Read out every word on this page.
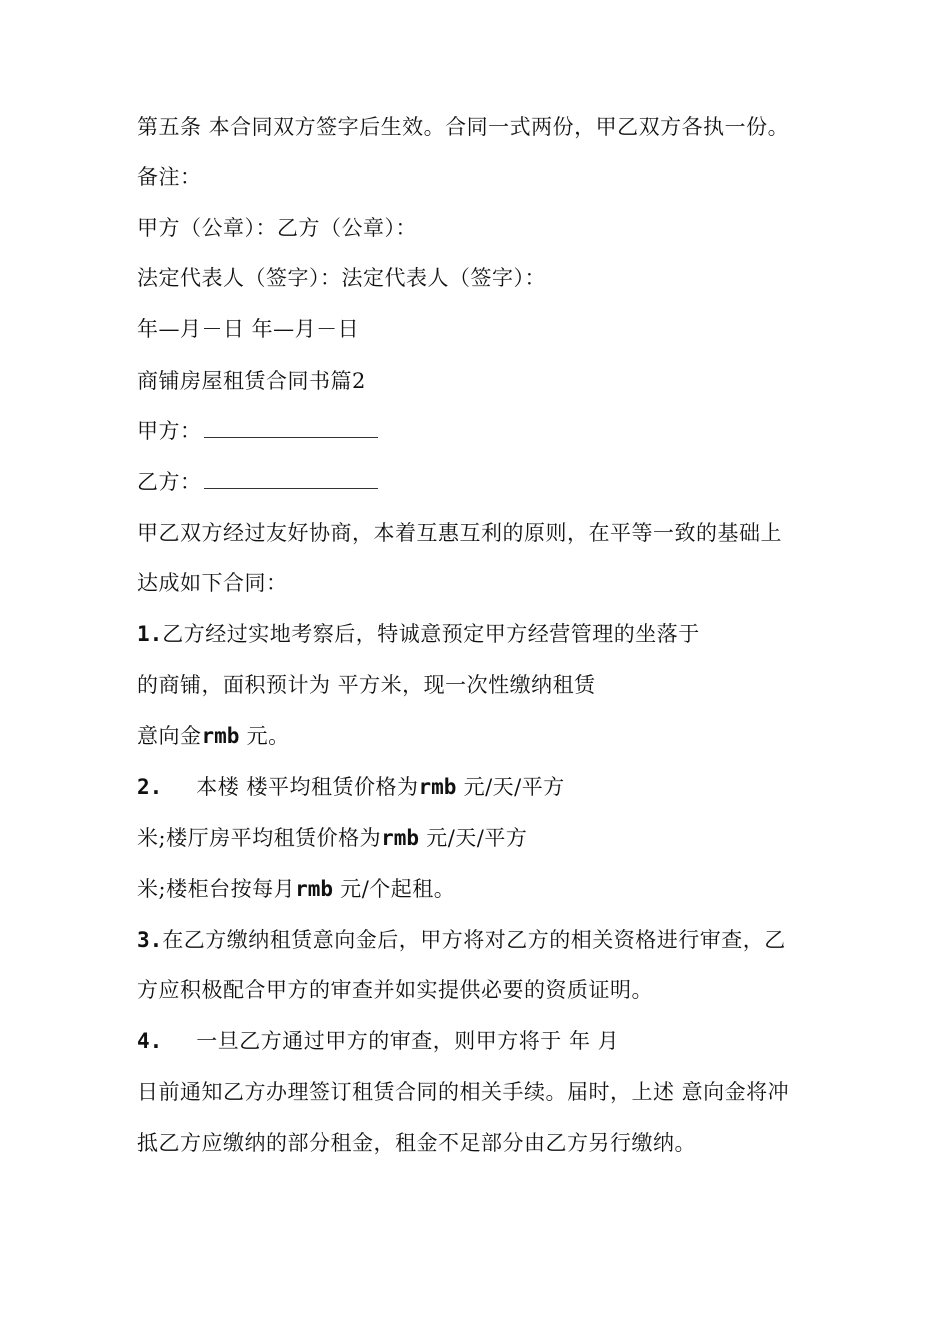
第五条 本合同双方签字后生效。合同一式两份，甲乙双方各执一份。
备注：
甲方（公章）：乙方（公章）：
法定代表人（签字）：法定代表人（签字）：
年—月－日 年—月－日
商铺房屋租赁合同书篇2
甲方：
乙方：
甲乙双方经过友好协商，本着互惠互利的原则，在平等一致的基础上
达成如下合同：
1.乙方经过实地考察后，特诚意预定甲方经营管理的坐落于
的商铺，面积预计为 平方米，现一次性缴纳租赁
意向金rmb 元。
2. 本楼 楼平均租赁价格为rmb 元/天/平方
米;楼厅房平均租赁价格为rmb 元/天/平方
米;楼柜台按每月rmb 元/个起租。
3.在乙方缴纳租赁意向金后，甲方将对乙方的相关资格进行审查，乙
方应积极配合甲方的审查并如实提供必要的资质证明。
4. 一旦乙方通过甲方的审查，则甲方将于 年 月
日前通知乙方办理签订租赁合同的相关手续。届时，上述 意向金将冲
抵乙方应缴纳的部分租金，租金不足部分由乙方另行缴纳。
